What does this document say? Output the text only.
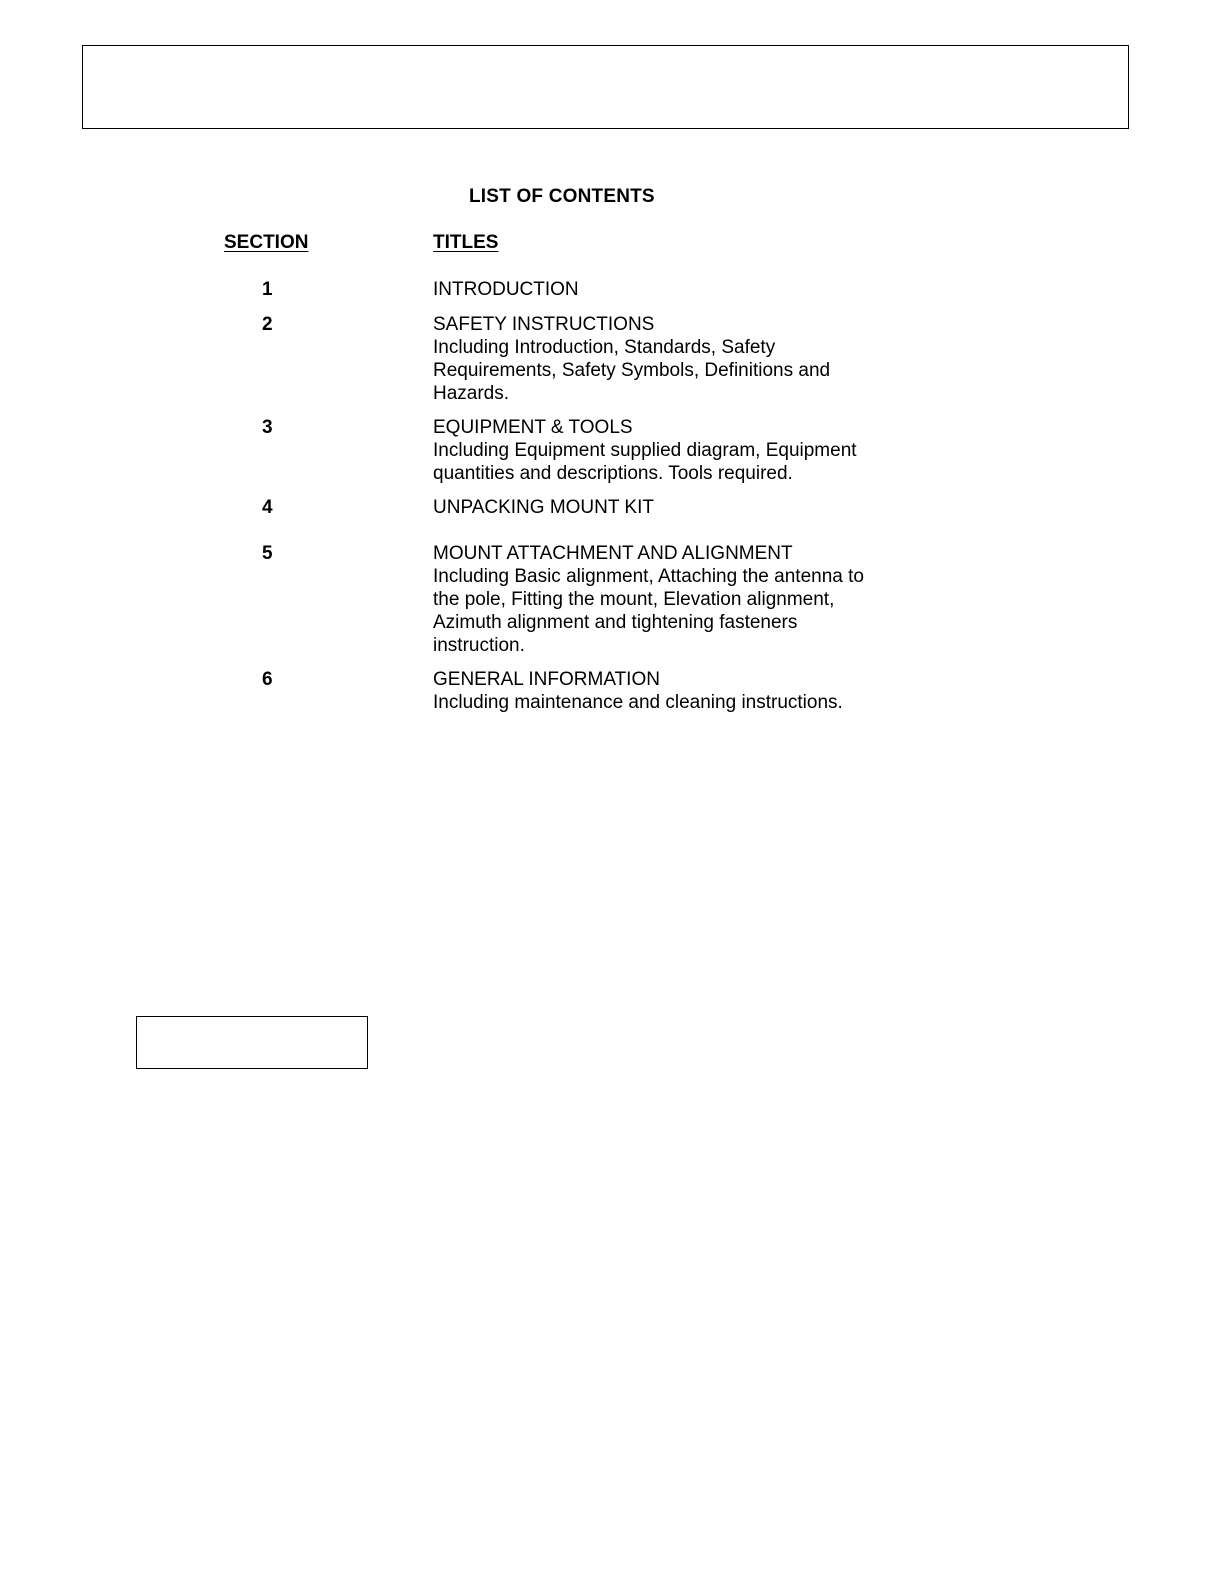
LIST OF CONTENTS
SECTION	TITLES
1	INTRODUCTION
2	SAFETY INSTRUCTIONS
Including Introduction, Standards, Safety Requirements, Safety Symbols, Definitions and Hazards.
3	EQUIPMENT & TOOLS
Including Equipment supplied diagram, Equipment quantities and descriptions. Tools required.
4	UNPACKING MOUNT KIT
5	MOUNT ATTACHMENT AND ALIGNMENT
Including Basic alignment, Attaching the antenna to the pole, Fitting the mount, Elevation alignment, Azimuth alignment and tightening fasteners instruction.
6	GENERAL INFORMATION
Including maintenance and cleaning instructions.
